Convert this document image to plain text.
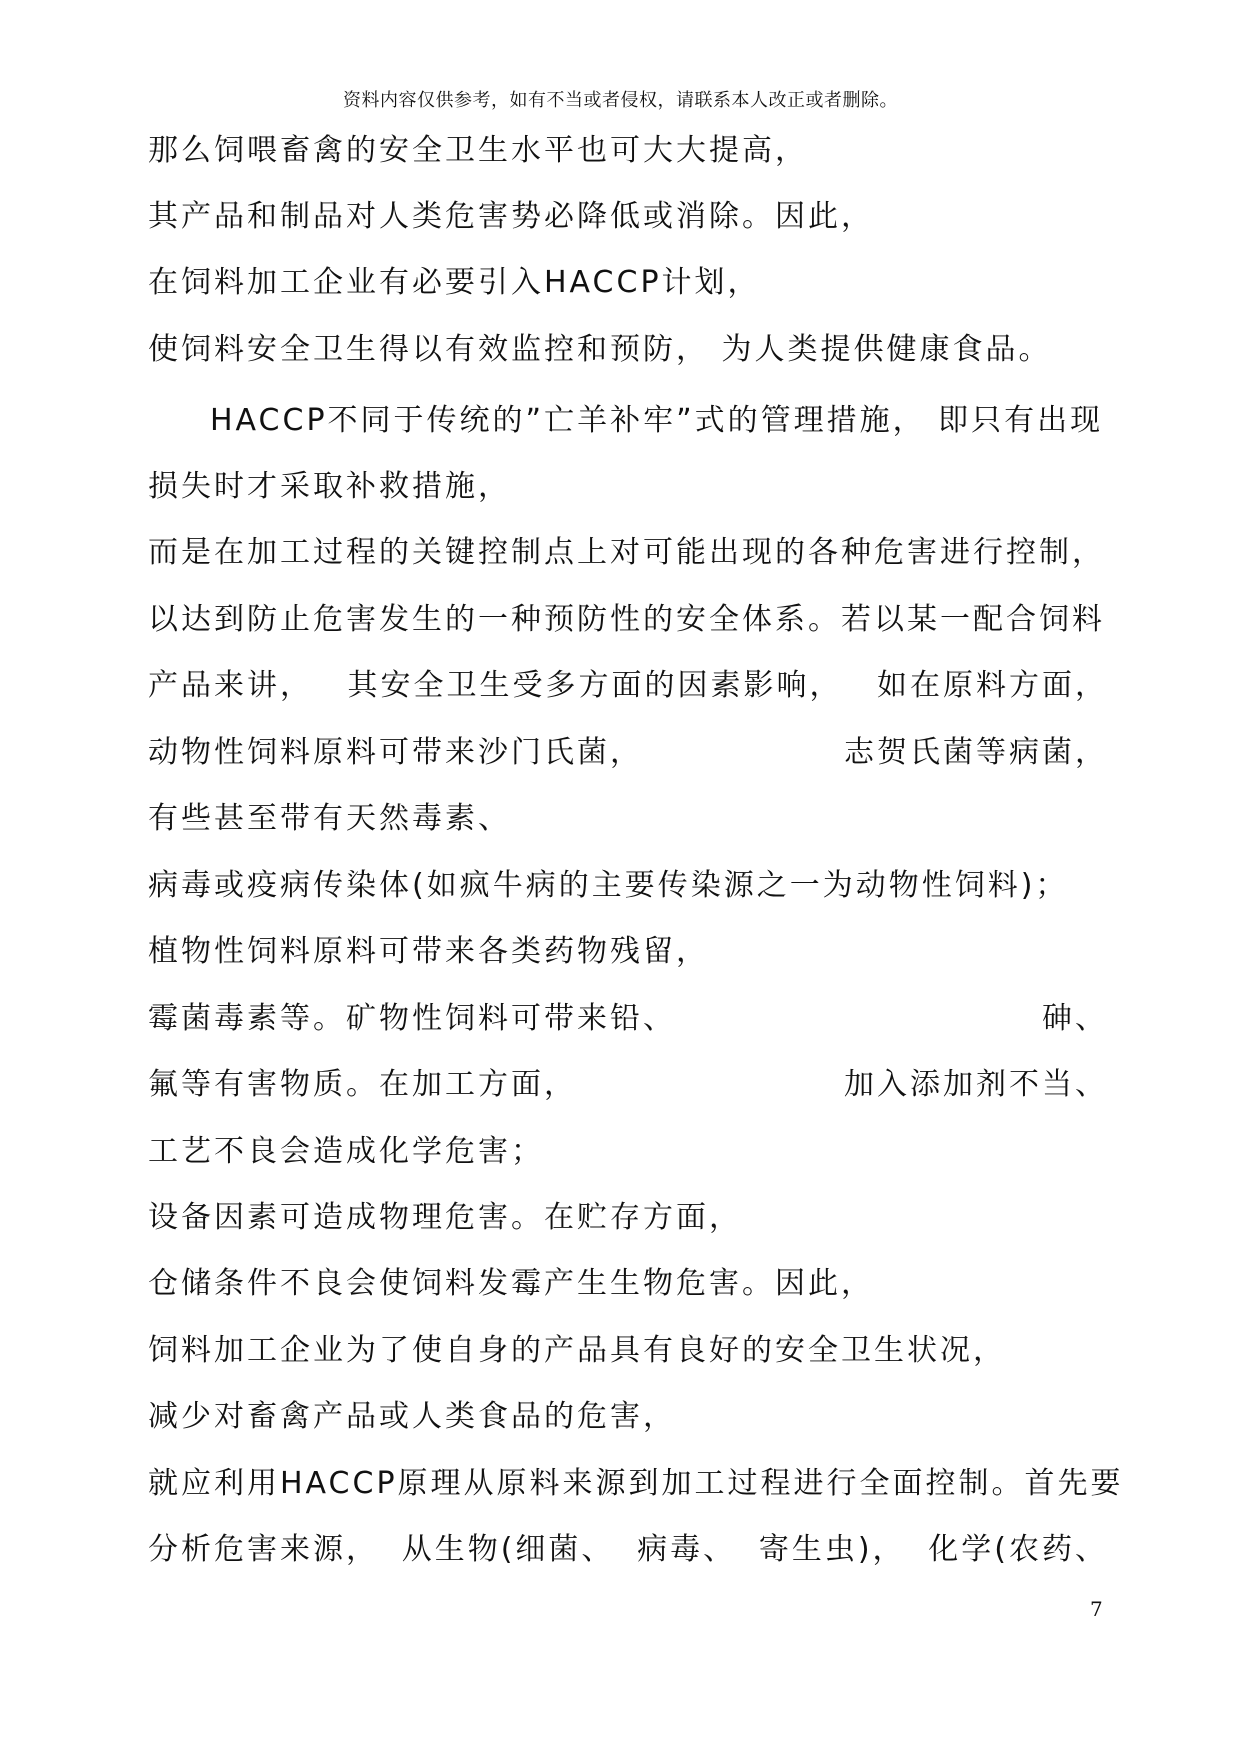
资料内容仅供参考，如有不当或者侵权，请联系本人改正或者删除。
那么饲喂畜禽的安全卫生水平也可大大提高，
其产品和制品对人类危害势必降低或消除。因此，
在饲料加工企业有必要引入HACCP计划，
使饲料安全卫生得以有效监控和预防， 为人类提供健康食品。
HACCP不同于传统的”亡羊补牢”式的管理措施， 即只有出现
损失时才采取补救措施，
而是在加工过程的关键控制点上对可能出现的各种危害进行控制，
以达到防止危害发生的一种预防性的安全体系。若以某一配合饲料
产品来讲， 其安全卫生受多方面的因素影响， 如在原料方面，
动物性饲料原料可带来沙门氏菌，	志贺氏菌等病菌，
有些甚至带有天然毒素、
病毒或疫病传染体(如疯牛病的主要传染源之一为动物性饲料)；
植物性饲料原料可带来各类药物残留，
霉菌毒素等。矿物性饲料可带来铅、	砷、
氟等有害物质。在加工方面，	加入添加剂不当、
工艺不良会造成化学危害；
设备因素可造成物理危害。在贮存方面，
仓储条件不良会使饲料发霉产生生物危害。因此，
饲料加工企业为了使自身的产品具有良好的安全卫生状况，
减少对畜禽产品或人类食品的危害，
就应利用HACCP原理从原料来源到加工过程进行全面控制。首先要
分析危害来源， 从生物(细菌、 病毒、 寄生虫)， 化学(农药、
7
